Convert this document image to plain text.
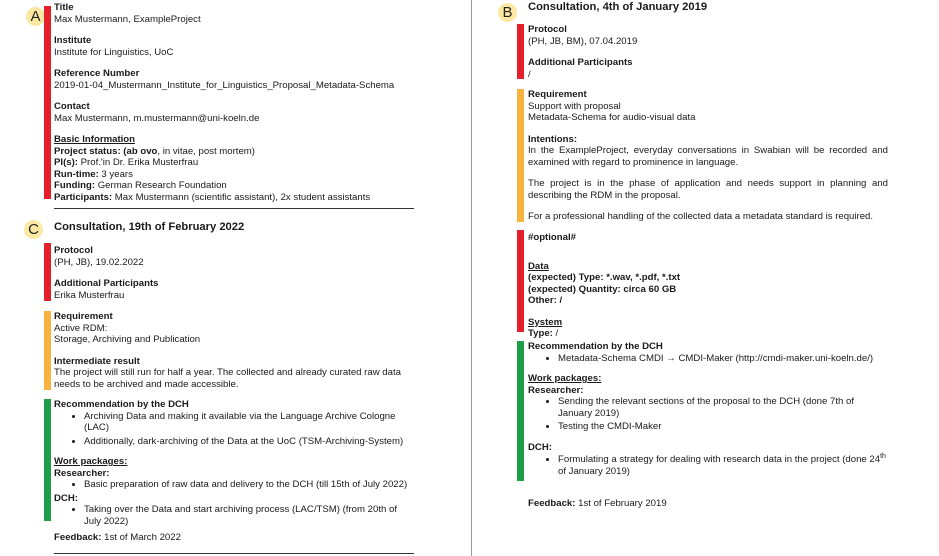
A

Title

Max Mustermann, ExampleProject

Institute

Institute for Linguistics, UoC

Reference Number

2019-01-04_Mustermann_Institute_for_Linguistics_Proposal_Metadata-Schema

Contact

Max Mustermann, m.mustermann@uni-koeln.de

Basic Information

Project status: (ab ovo, in vitae, post mortem)

PI(s): Prof.'in Dr. Erika Musterfrau

Run-time: 3 years

Funding: German Research Foundation

Participants: Max Mustermann (scientific assistant), 2x student assistants

C	Consultation, 19th of February 2022

Protocol

(PH, JB), 19.02.2022

Additional Participants

Erika Musterfrau

Requirement

Active RDM:

Storage, Archiving and Publication

Intermediate result

The project will still run for half a year. The collected and already curated raw data needs to be archived and made accessible.

Recommendation by the DCH

• Archiving Data and making it available via the Language Archive Cologne (LAC)
• Additionally, dark-archiving of the Data at the UoC (TSM-Archiving-System)

Work packages:

Researcher:

• Basic preparation of raw data and delivery to the DCH (till 15th of July 2022)

DCH:

• Taking over the Data and start archiving process (LAC/TSM) (from 20th of July 2022)

Feedback: 1st of March 2022

B	Consultation, 4th of January 2019

Protocol

(PH, JB, BM), 07.04.2019

Additional Participants

/

Requirement

Support with proposal

Metadata-Schema for audio-visual data

Intentions:

In the ExampleProject, everyday conversations in Swabian will be recorded and examined with regard to prominence in language.

The project is in the phase of application and needs support in planning and describing the RDM in the proposal.

For a professional handling of the collected data a metadata standard is required.

#optional#

Data

(expected) Type: *.wav, *.pdf, *.txt

(expected) Quantity: circa 60 GB

Other: /

System

Type: /

Recommendation by the DCH

• Metadata-Schema CMDI → CMDI-Maker (http://cmdi-maker.uni-koeln.de/)

Work packages:

Researcher:

• Sending the relevant sections of the proposal to the DCH (done 7th of January 2019)
• Testing the CMDI-Maker

DCH:

• Formulating a strategy for dealing with research data in the project (done 24th of January 2019)

Feedback: 1st of February 2019
